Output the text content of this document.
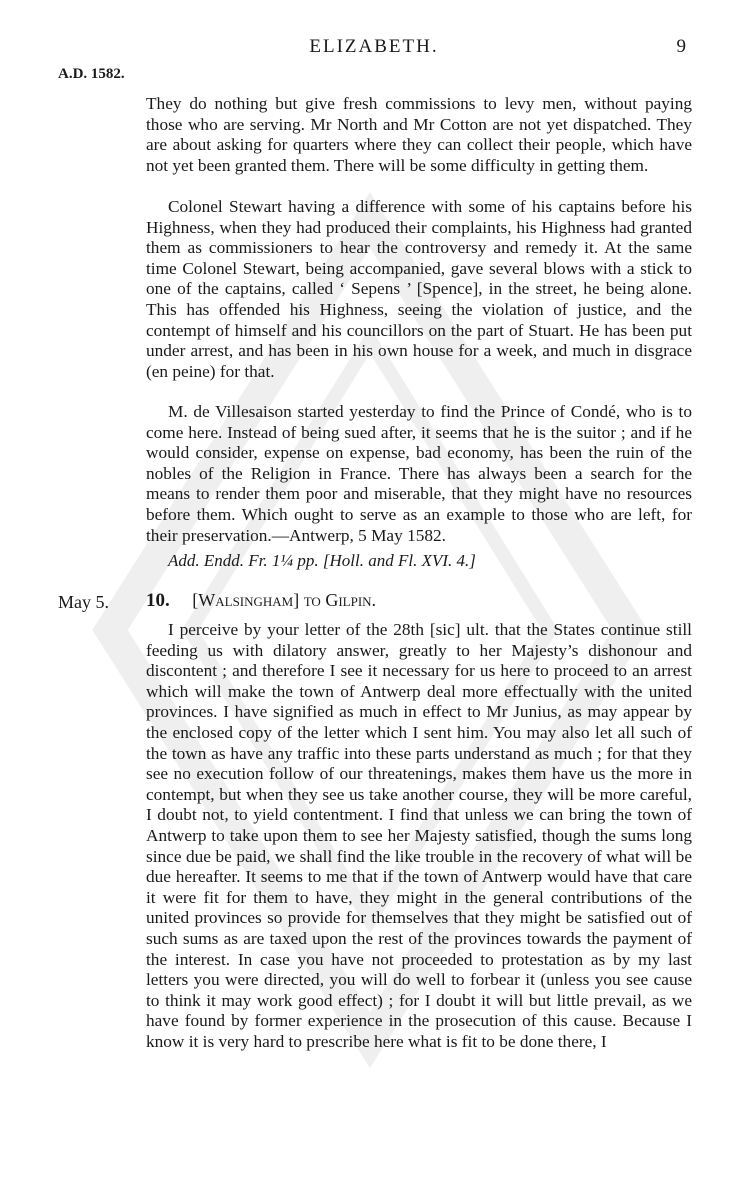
ELIZABETH.	9
A.D. 1582.
May 5.

They do nothing but give fresh commissions to levy men, without paying those who are serving. Mr North and Mr Cotton are not yet dispatched. They are about asking for quarters where they can collect their people, which have not yet been granted them. There will be some difficulty in getting them.

Colonel Stewart having a difference with some of his captains before his Highness, when they had produced their complaints, his Highness had granted them as commissioners to hear the controversy and remedy it. At the same time Colonel Stewart, being accompanied, gave several blows with a stick to one of the captains, called ‘ Sepens ’ [Spence], in the street, he being alone. This has offended his Highness, seeing the violation of justice, and the contempt of himself and his councillors on the part of Stuart. He has been put under arrest, and has been in his own house for a week, and much in disgrace (en peine) for that.

M. de Villesaison started yesterday to find the Prince of Condé, who is to come here. Instead of being sued after, it seems that he is the suitor ; and if he would consider, expense on expense, bad economy, has been the ruin of the nobles of the Religion in France. There has always been a search for the means to render them poor and miserable, that they might have no resources before them. Which ought to serve as an example to those who are left, for their preservation.—Antwerp, 5 May 1582.

Add. Endd. Fr. 1¼ pp. [Holl. and Fl. XVI. 4.]
10. [Walsingham] to Gilpin.

I perceive by your letter of the 28th [sic] ult. that the States continue still feeding us with dilatory answer, greatly to her Majesty’s dishonour and discontent ; and therefore I see it necessary for us here to proceed to an arrest which will make the town of Antwerp deal more effectually with the united provinces. I have signified as much in effect to Mr Junius, as may appear by the enclosed copy of the letter which I sent him. You may also let all such of the town as have any traffic into these parts understand as much ; for that they see no execution follow of our threatenings, makes them have us the more in contempt, but when they see us take another course, they will be more careful, I doubt not, to yield contentment. I find that unless we can bring the town of Antwerp to take upon them to see her Majesty satisfied, though the sums long since due be paid, we shall find the like trouble in the recovery of what will be due hereafter. It seems to me that if the town of Antwerp would have that care it were fit for them to have, they might in the general contributions of the united provinces so provide for themselves that they might be satisfied out of such sums as are taxed upon the rest of the provinces towards the payment of the interest. In case you have not proceeded to protestation as by my last letters you were directed, you will do well to forbear it (unless you see cause to think it may work good effect) ; for I doubt it will but little prevail, as we have found by former experience in the prosecution of this cause. Because I know it is very hard to prescribe here what is fit to be done there, I
